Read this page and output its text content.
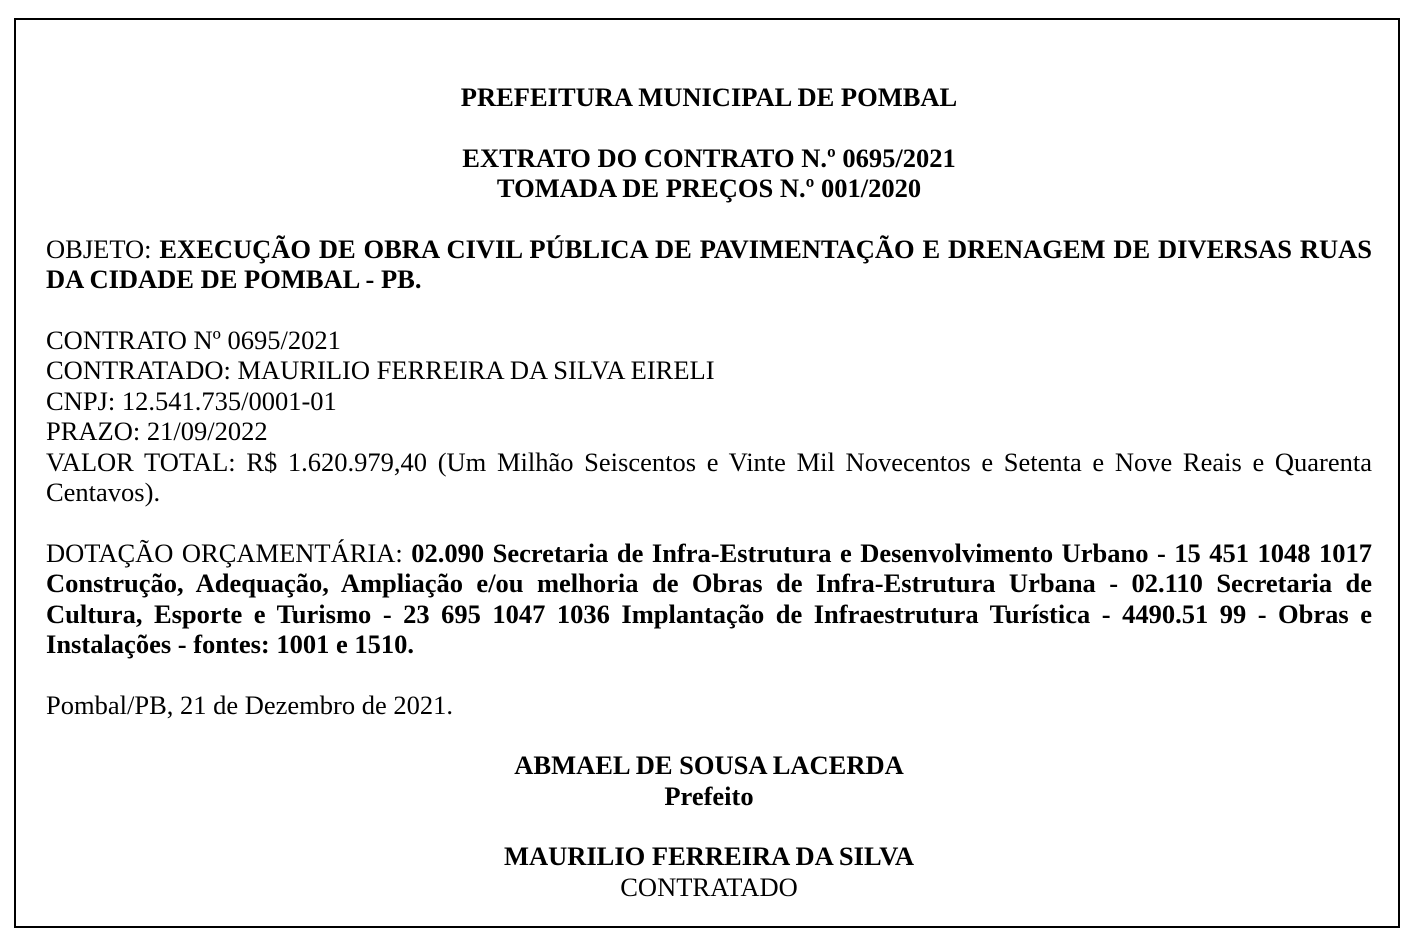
PREFEITURA MUNICIPAL DE POMBAL

EXTRATO DO CONTRATO N.º 0695/2021

TOMADA DE PREÇOS N.º 001/2020

OBJETO: EXECUÇÃO DE OBRA CIVIL PÚBLICA DE PAVIMENTAÇÃO E DRENAGEM DE DIVERSAS RUAS DA CIDADE DE POMBAL - PB.

CONTRATO Nº 0695/2021

CONTRATADO: MAURILIO FERREIRA DA SILVA EIRELI

CNPJ: 12.541.735/0001-01

PRAZO: 21/09/2022

VALOR TOTAL: R$ 1.620.979,40 (Um Milhão Seiscentos e Vinte Mil Novecentos e Setenta e Nove Reais e Quarenta Centavos).

DOTAÇÃO ORÇAMENTÁRIA: 02.090 Secretaria de Infra-Estrutura e Desenvolvimento Urbano - 15 451 1048 1017 Construção, Adequação, Ampliação e/ou melhoria de Obras de Infra-Estrutura Urbana - 02.110 Secretaria de Cultura, Esporte e Turismo - 23 695 1047 1036 Implantação de Infraestrutura Turística - 4490.51 99 - Obras e Instalações - fontes: 1001 e 1510.

Pombal/PB, 21 de Dezembro de 2021.

ABMAEL DE SOUSA LACERDA

Prefeito

MAURILIO FERREIRA DA SILVA

CONTRATADO
